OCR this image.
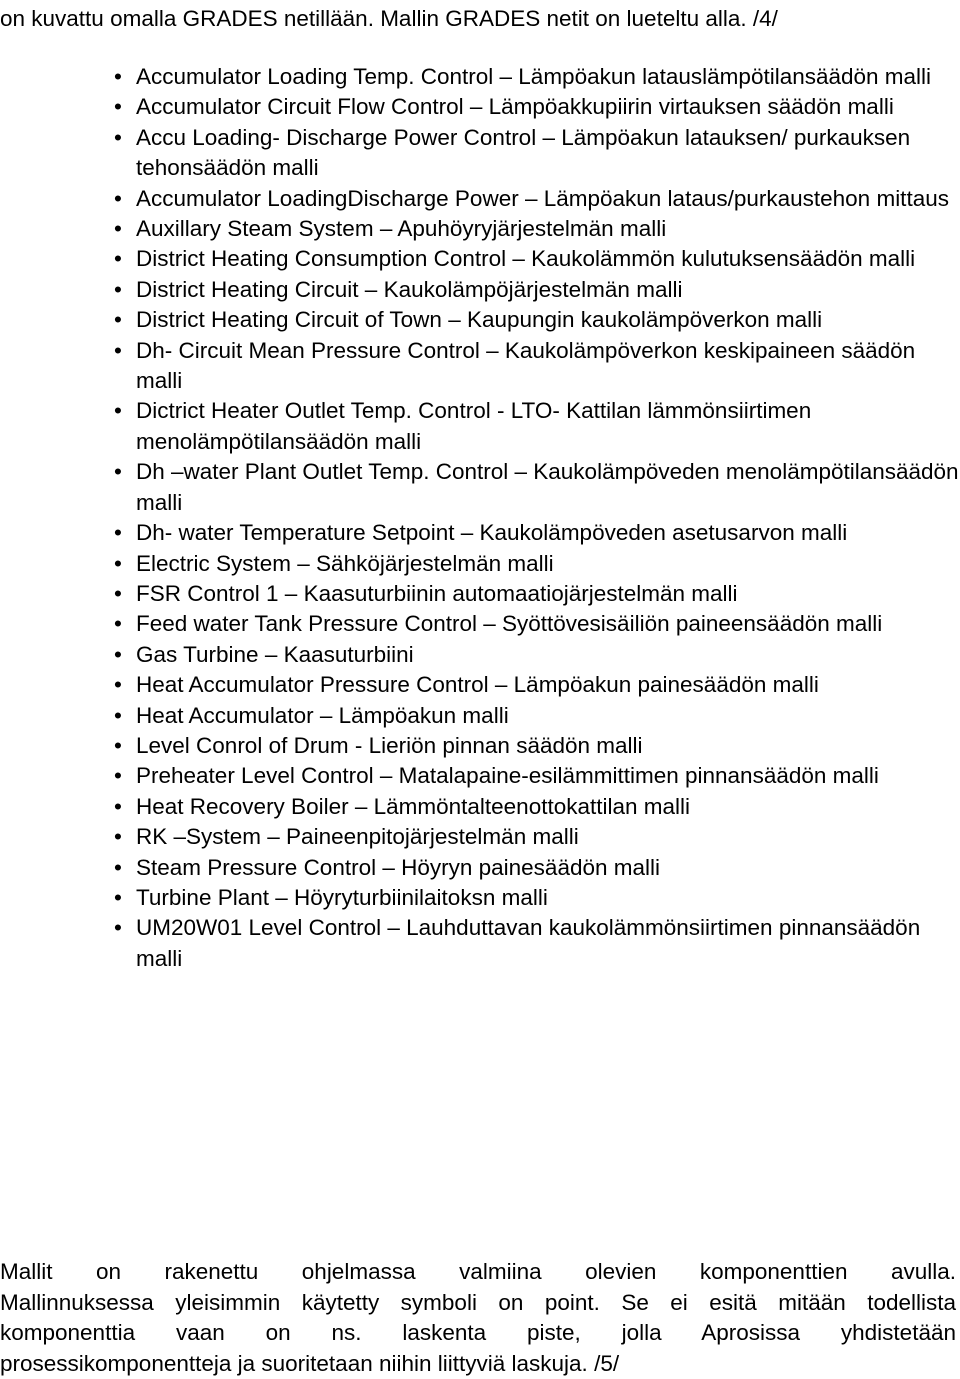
on kuvattu omalla GRADES netillään. Mallin GRADES netit on lueteltu alla. /4/

• Accumulator Loading Temp. Control – Lämpöakun latauslämpötilansäädön malli
• Accumulator Circuit Flow Control – Lämpöakkupiirin virtauksen säädön malli
• Accu Loading- Discharge Power Control – Lämpöakun latauksen/ purkauksen tehonsäädön malli
• Accumulator LoadingDischarge Power – Lämpöakun lataus/purkaustehon mittaus
• Auxillary Steam System – Apuhöyryjärjestelmän malli
• District Heating Consumption Control – Kaukolämmön kulutuksensäädön malli
• District Heating Circuit – Kaukolämpöjärjestelmän malli
• District Heating Circuit of Town – Kaupungin kaukolämpöverkon malli
• Dh- Circuit Mean Pressure Control – Kaukolämpöverkon keskipaineen säädön malli
• Dictrict Heater Outlet Temp. Control - LTO- Kattilan lämmönsiirtimen menolämpötilansäädön malli
• Dh –water Plant Outlet Temp. Control – Kaukolämpöveden menolämpötilansäädön malli
• Dh- water Temperature Setpoint – Kaukolämpöveden asetusarvon malli
• Electric System – Sähköjärjestelmän malli
• FSR Control 1 – Kaasuturbiinin automaatiojärjestelmän malli
• Feed water Tank Pressure Control – Syöttövesisäiliön paineensäädön malli
• Gas Turbine – Kaasuturbiini
• Heat Accumulator Pressure Control – Lämpöakun painesäädön malli
• Heat Accumulator – Lämpöakun malli
• Level Conrol of Drum - Lieriön pinnan säädön malli
• Preheater Level Control – Matalapaine-esilämmittimen pinnansäädön malli
• Heat Recovery Boiler – Lämmöntalteenottokattilan malli
• RK –System – Paineenpitojärjestelmän malli
• Steam Pressure Control – Höyryn painesäädön malli
• Turbine Plant – Höyryturbiinilaitoksn malli
• UM20W01 Level Control – Lauhduttavan kaukolämmönsiirtimen pinnansäädön malli

Mallit on rakenettu ohjelmassa valmiina olevien komponenttien avulla.
Mallinnuksessa yleisimmin käytetty symboli on point. Se ei esitä mitään todellista
komponenttia vaan on ns. laskenta piste, jolla Aprosissa yhdistetään
prosessikomponentteja ja suoritetaan niihin liittyviä laskuja. /5/
